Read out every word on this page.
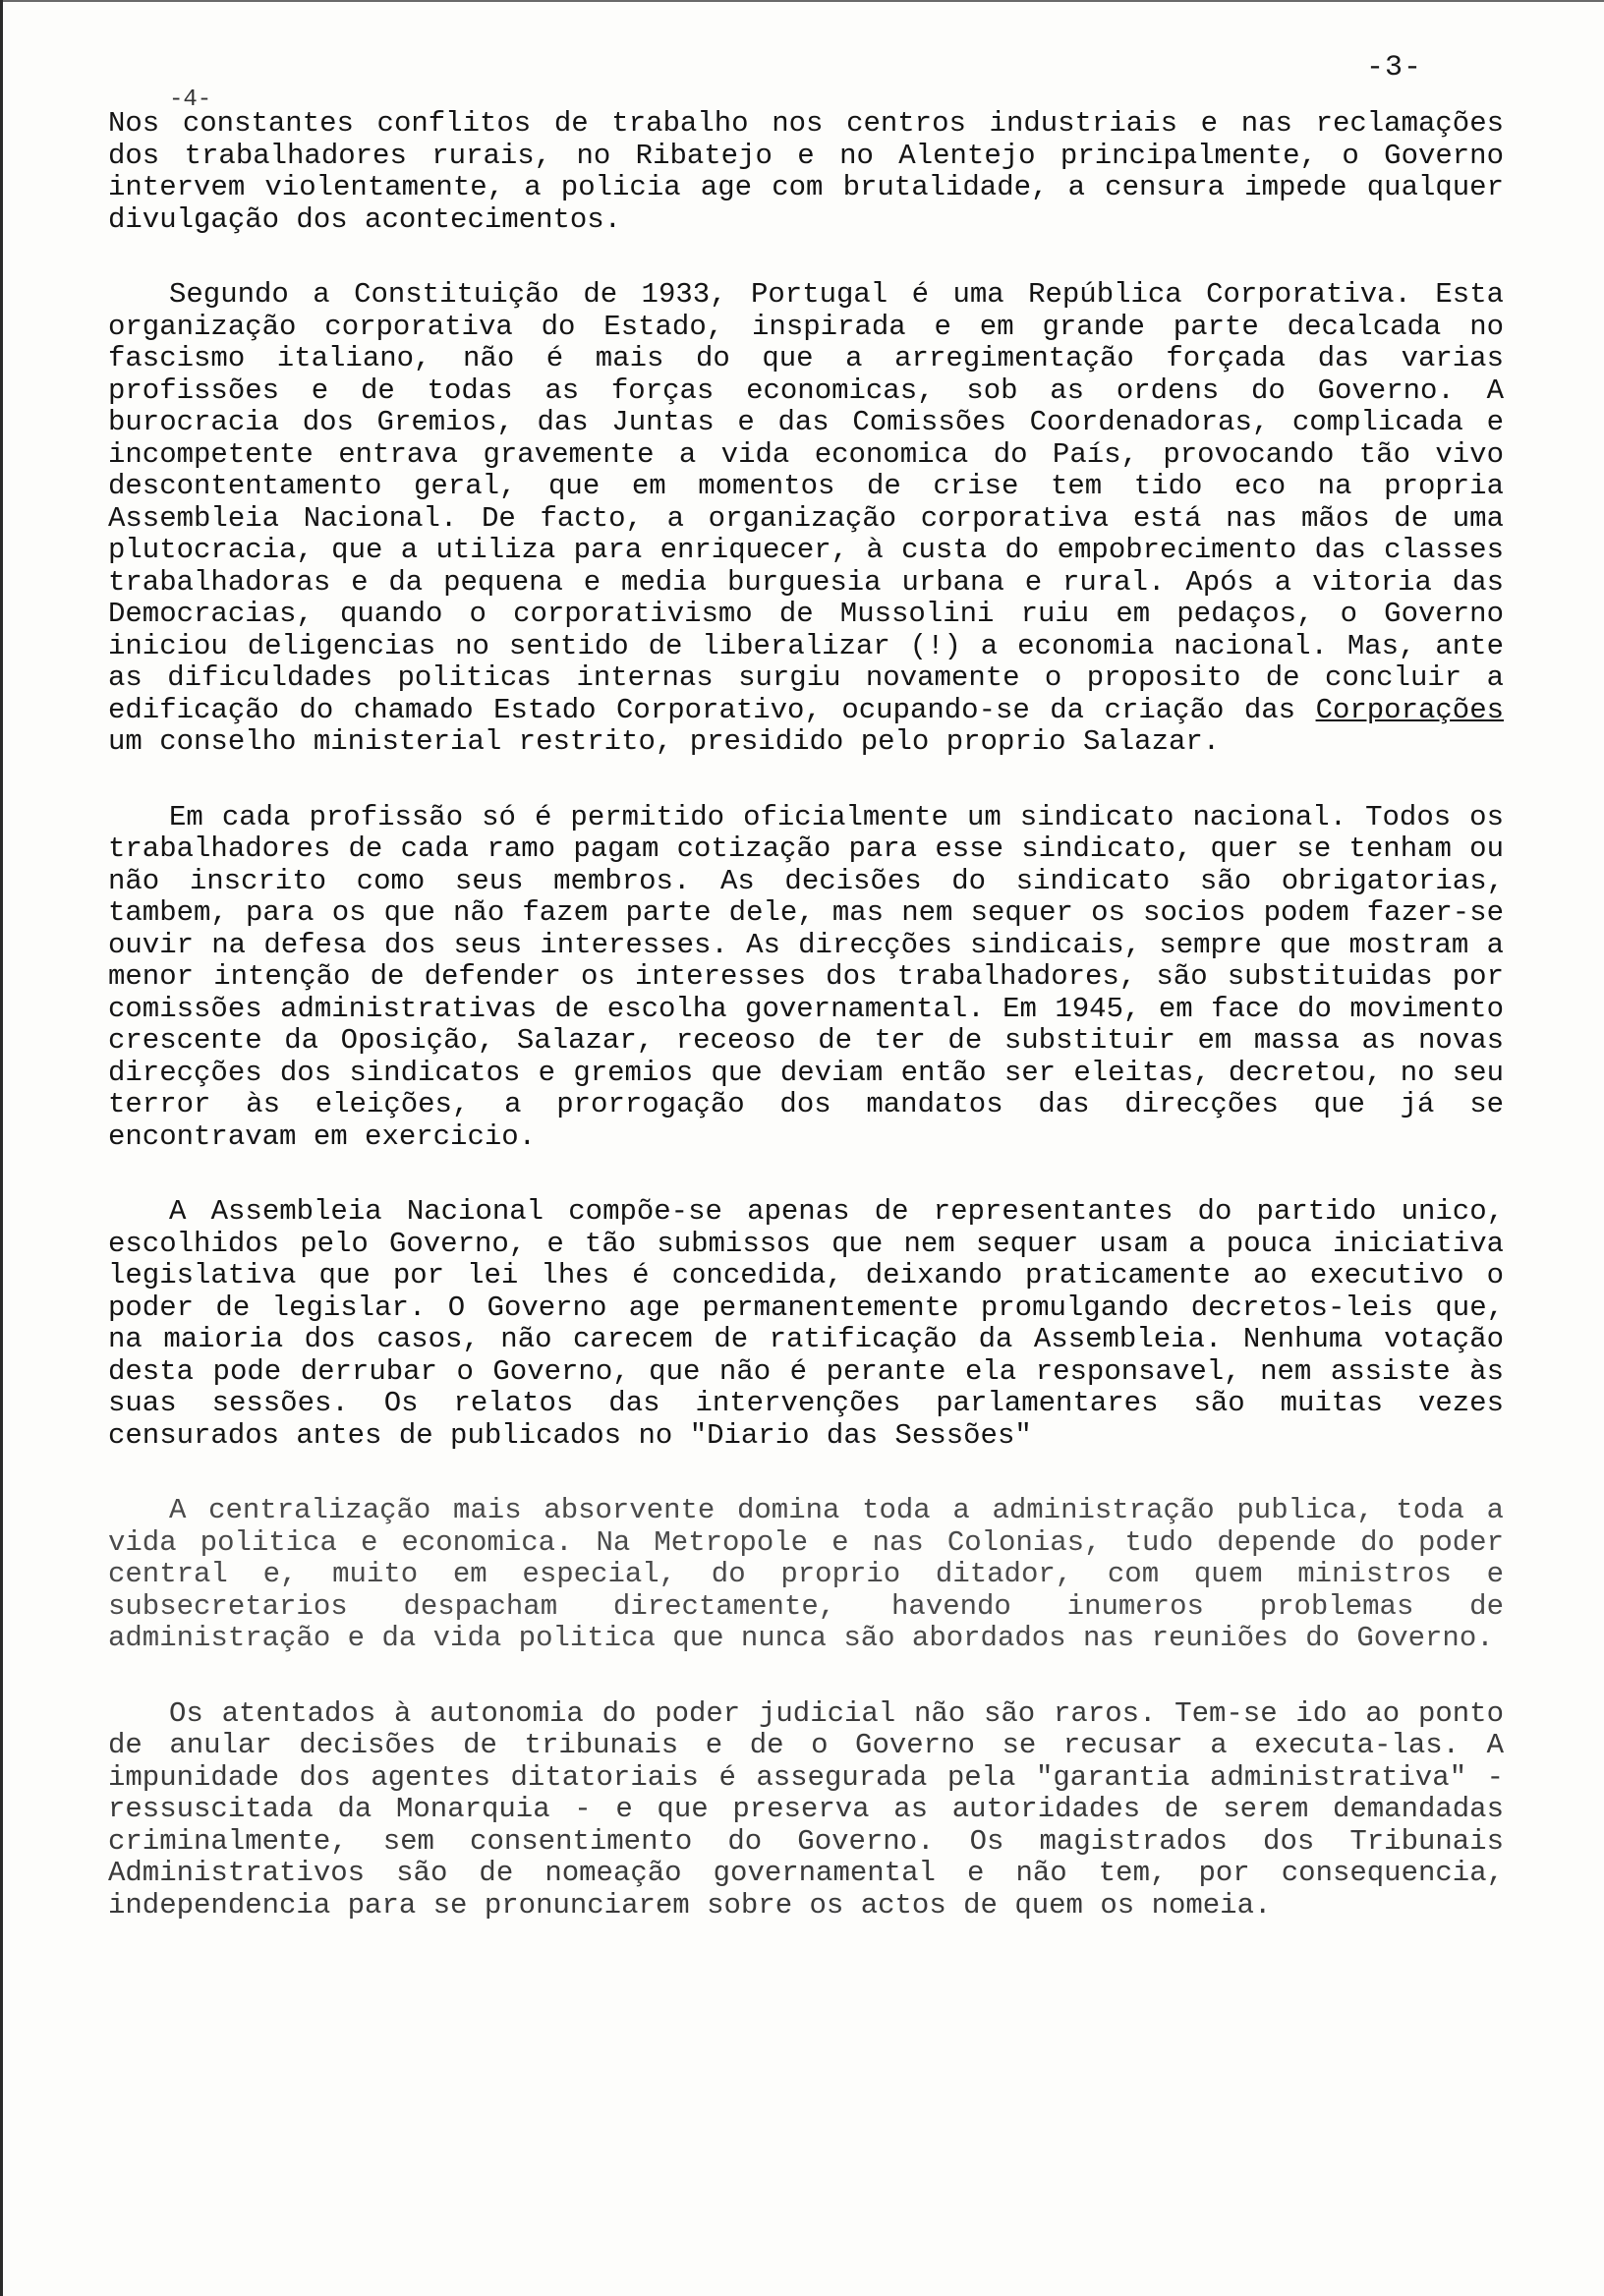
-3-
-4-

Nos constantes conflitos de trabalho nos centros industriais e nas reclamações dos trabalhadores rurais, no Ribatejo e no Alentejo principalmente, o Governo intervem violentamente, a policia age com brutalidade, a censura impede qualquer divulgação dos acontecimentos.

Segundo a Constituição de 1933, Portugal é uma República Corporativa. Esta organização corporativa do Estado, inspirada e em grande parte decalcada no fascismo italiano, não é mais do que a arregimentação forçada das varias profissões e de todas as forças economicas, sob as ordens do Governo. A burocracia dos Gremios, das Juntas e das Comissões Coordenadoras, complicada e incompetente entrava gravemente a vida economica do País, provocando tão vivo descontentamento geral, que em momentos de crise tem tido eco na propria Assembleia Nacional. De facto, a organização corporativa está nas mãos de uma plutocracia, que a utiliza para enriquecer, à custa do empobrecimento das classes trabalhadoras e da pequena e media burguesia urbana e rural. Após a vitoria das Democracias, quando o corporativismo de Mussolini ruiu em pedaços, o Governo iniciou deligencias no sentido de liberalizar (!) a economia nacional. Mas, ante as dificuldades politicas internas surgiu novamente o proposito de concluir a edificação do chamado Estado Corporativo, ocupando-se da criação das Corporações um conselho ministerial restrito, presidido pelo proprio Salazar.

Em cada profissão só é permitido oficialmente um sindicato nacional. Todos os trabalhadores de cada ramo pagam cotização para esse sindicato, quer se tenham ou não inscrito como seus membros. As decisões do sindicato são obrigatorias, tambem, para os que não fazem parte dele, mas nem sequer os socios podem fazer-se ouvir na defesa dos seus interesses. As direcções sindicais, sempre que mostram a menor intenção de defender os interesses dos trabalhadores, são substituidas por comissões administrativas de escolha governamental. Em 1945, em face do movimento crescente da Oposição, Salazar, receoso de ter de substituir em massa as novas direcções dos sindicatos e gremios que deviam então ser eleitas, decretou, no seu terror às eleições, a prorrogação dos mandatos das direcções que já se encontravam em exercicio.

A Assembleia Nacional compõe-se apenas de representantes do partido unico, escolhidos pelo Governo, e tão submissos que nem sequer usam a pouca iniciativa legislativa que por lei lhes é concedida, deixando praticamente ao executivo o poder de legislar. O Governo age permanentemente promulgando decretos-leis que, na maioria dos casos, não carecem de ratificação da Assembleia. Nenhuma votação desta pode derrubar o Governo, que não é perante ela responsavel, nem assiste às suas sessões. Os relatos das intervenções parlamentares são muitas vezes censurados antes de publicados no "Diario das Sessões"

A centralização mais absorvente domina toda a administração publica, toda a vida politica e economica. Na Metropole e nas Colonias, tudo depende do poder central e, muito em especial, do proprio ditador, com quem ministros e subsecretarios despacham directamente, havendo inumeros problemas de administração e da vida politica que nunca são abordados nas reuniões do Governo.

Os atentados à autonomia do poder judicial não são raros. Tem-se ido ao ponto de anular decisões de tribunais e de o Governo se recusar a executa-las. A impunidade dos agentes ditatoriais é assegurada pela "garantia administrativa" - ressuscitada da Monarquia - e que preserva as autoridades de serem demandadas criminalmente, sem consentimento do Governo. Os magistrados dos Tribunais Administrativos são de nomeação governamental e não tem, por consequencia, independencia para se pronunciarem sobre os actos de quem os nomeia.
